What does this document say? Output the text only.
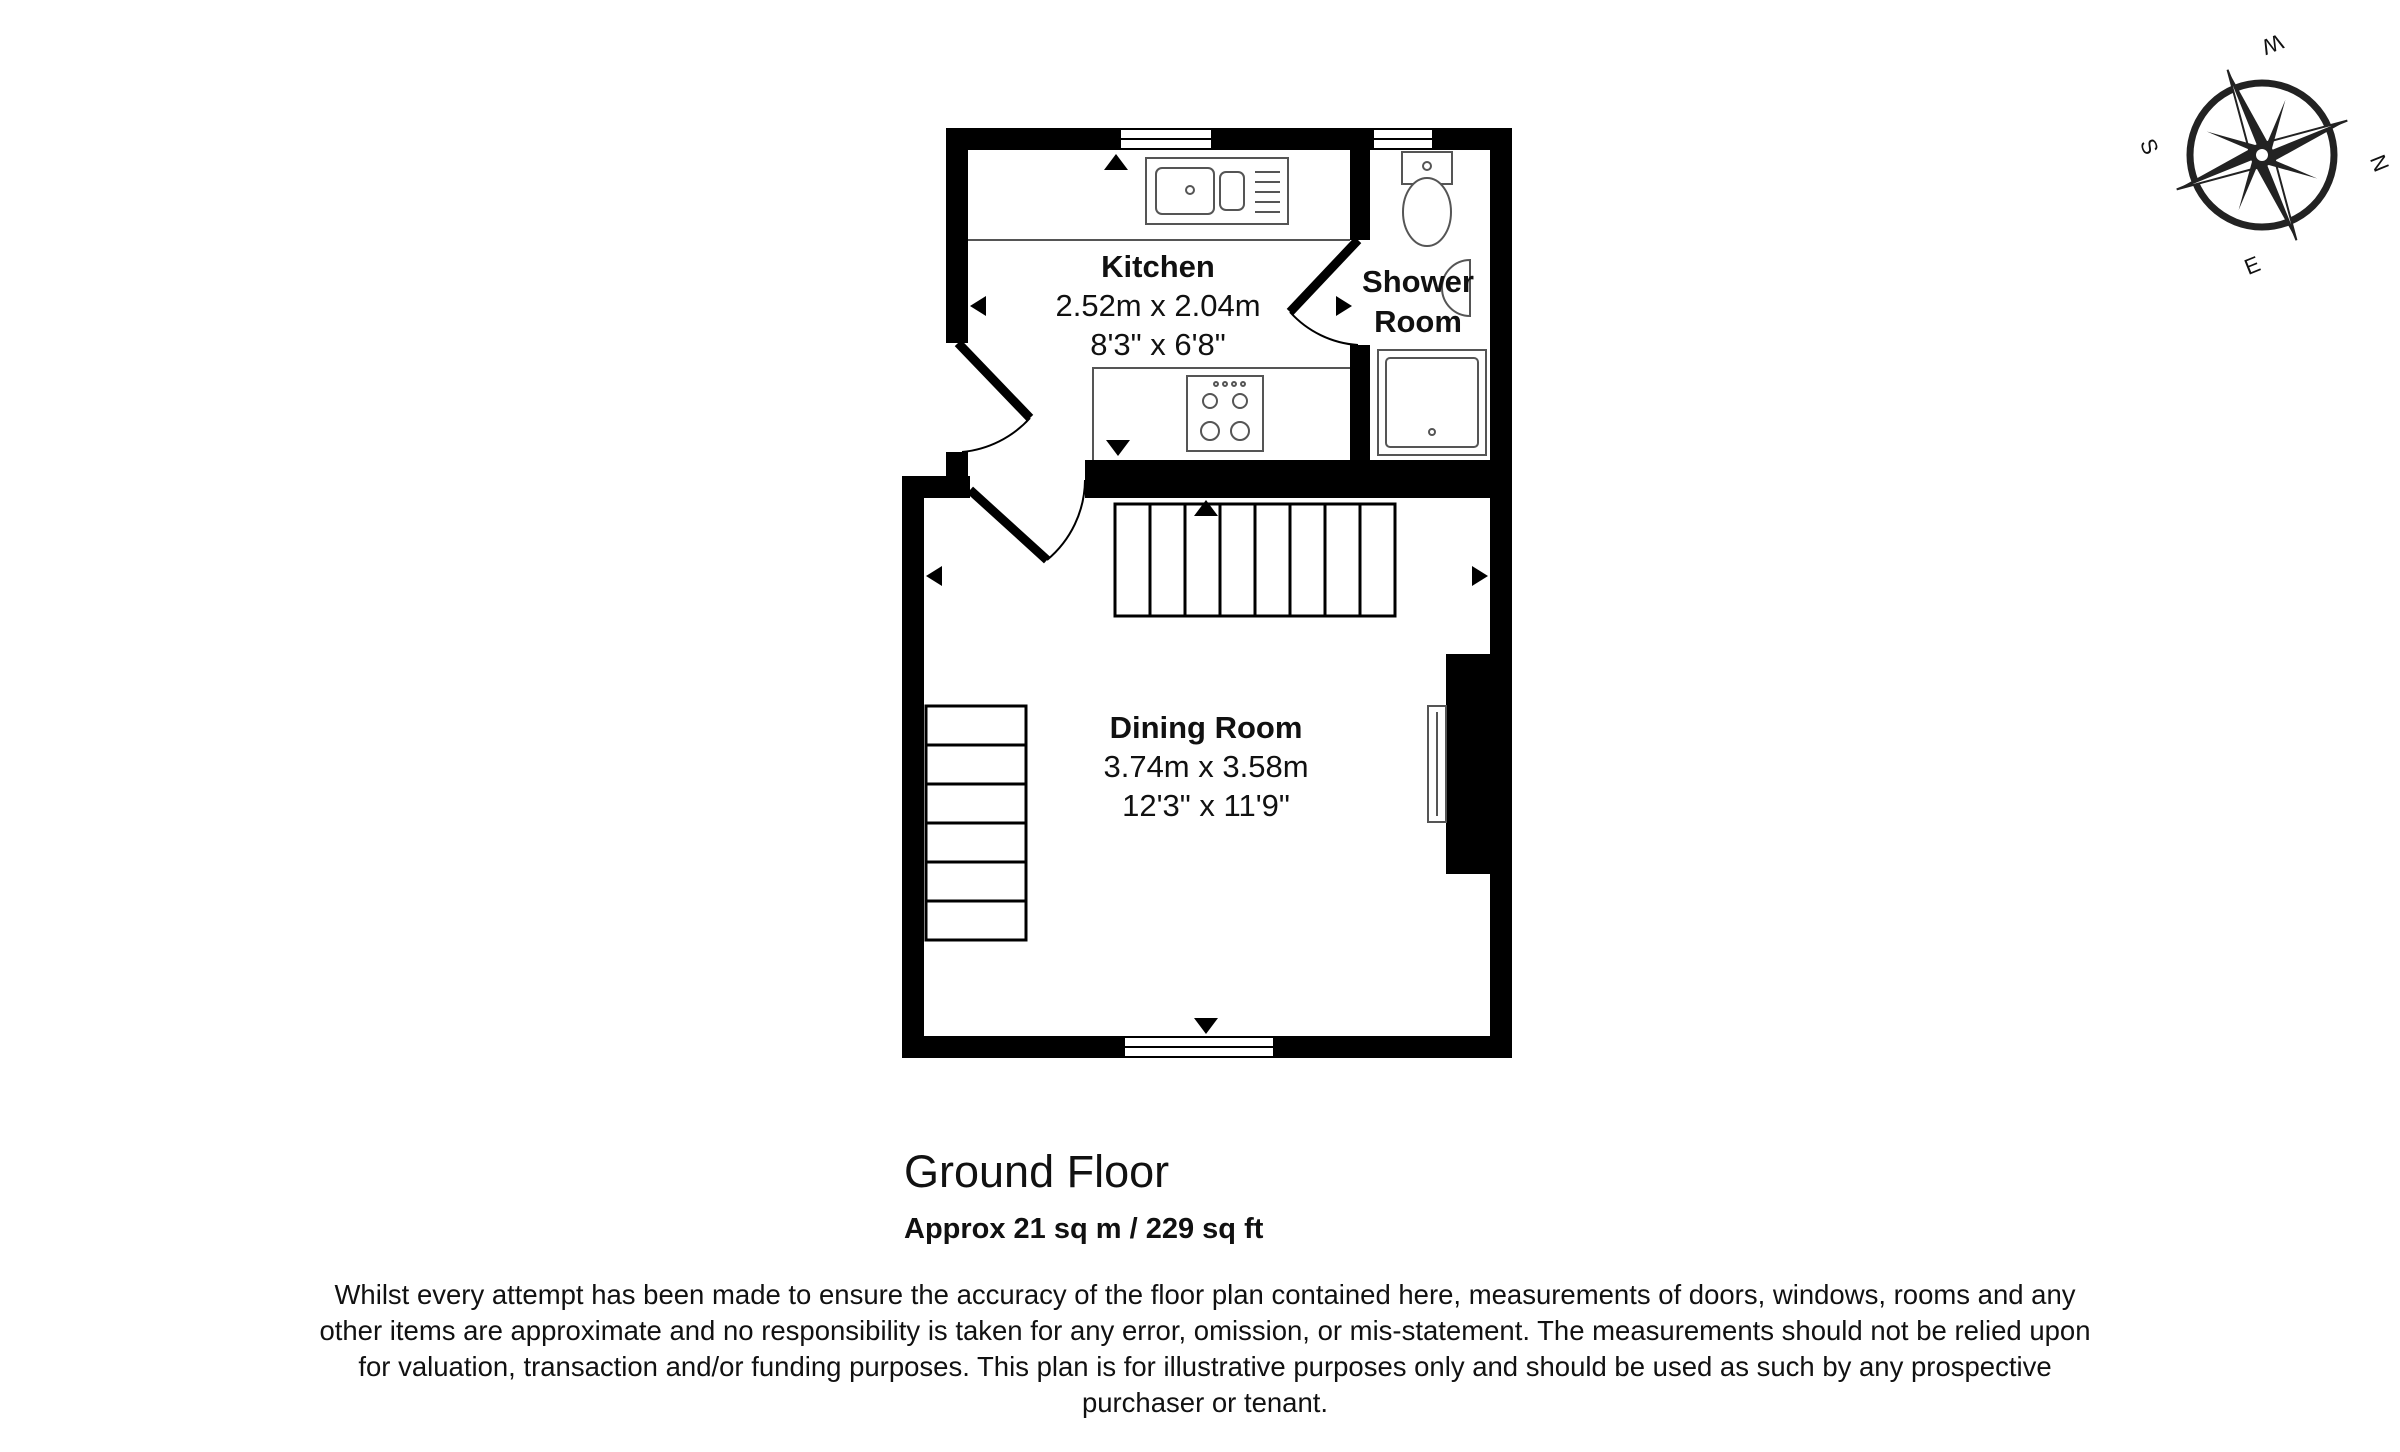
Kitchen
2.52m x 2.04m
8'3" x 6'8"
Shower
Room
Dining Room
3.74m x 3.58m
12'3" x 11'9"
N
S
E
W
Ground Floor
Approx 21 sq m / 229 sq ft
Whilst every attempt has been made to ensure the accuracy of the floor plan contained here, measurements of doors, windows, rooms and any other items are approximate and no responsibility is taken for any error, omission, or mis-statement. The measurements should not be relied upon for valuation, transaction and/or funding purposes. This plan is for illustrative purposes only and should be used as such by any prospective purchaser or tenant.
